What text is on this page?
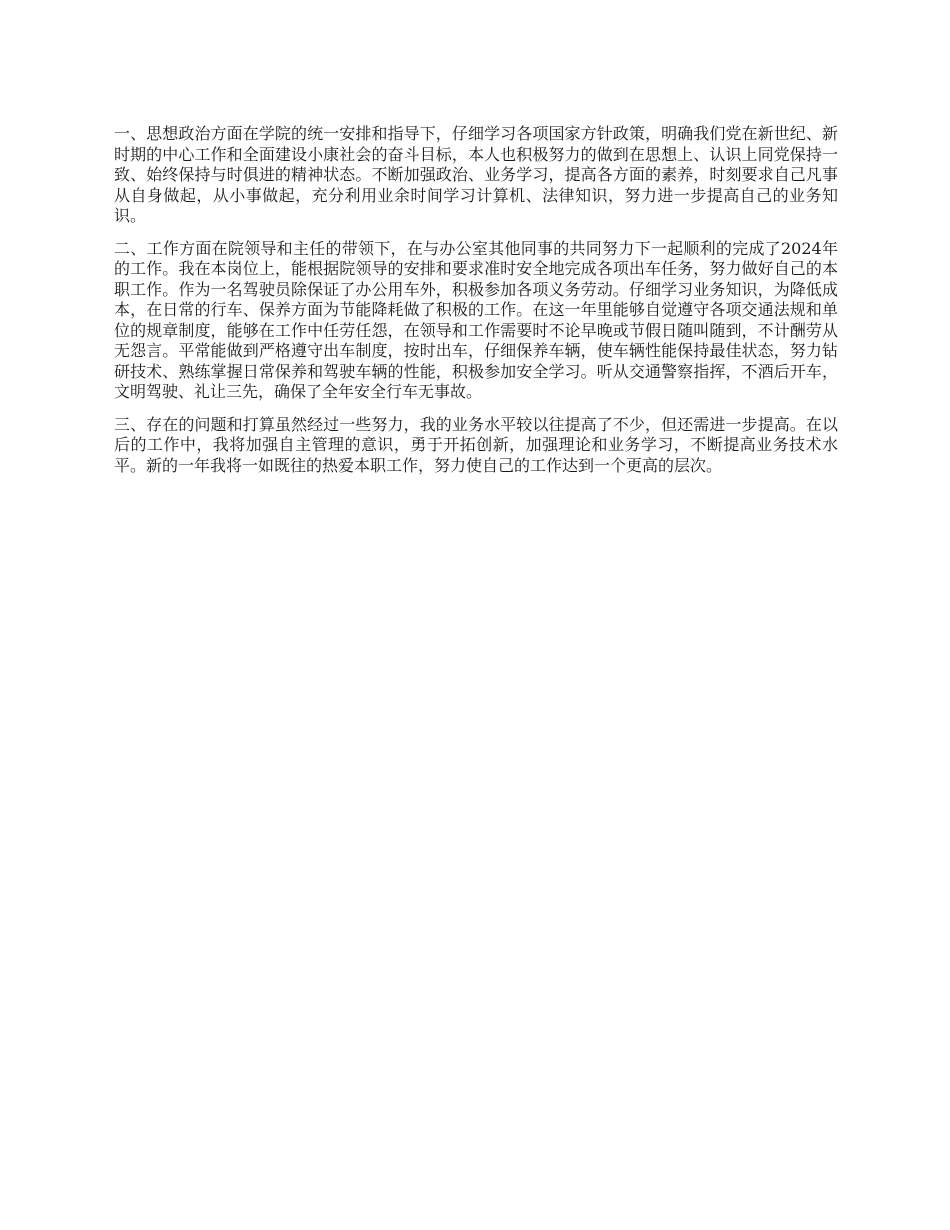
一、思想政治方面在学院的统一安排和指导下，仔细学习各项国家方针政策，明确我们党在新世纪、新时期的中心工作和全面建设小康社会的奋斗目标，本人也积极努力的做到在思想上、认识上同党保持一致、始终保持与时俱进的精神状态。不断加强政治、业务学习，提高各方面的素养，时刻要求自己凡事从自身做起，从小事做起，充分利用业余时间学习计算机、法律知识，努力进一步提高自己的业务知识。

二、工作方面在院领导和主任的带领下，在与办公室其他同事的共同努力下一起顺利的完成了2024年的工作。我在本岗位上，能根据院领导的安排和要求准时安全地完成各项出车任务，努力做好自己的本职工作。作为一名驾驶员除保证了办公用车外，积极参加各项义务劳动。仔细学习业务知识，为降低成本，在日常的行车、保养方面为节能降耗做了积极的工作。在这一年里能够自觉遵守各项交通法规和单位的规章制度，能够在工作中任劳任怨，在领导和工作需要时不论早晚或节假日随叫随到，不计酬劳从无怨言。平常能做到严格遵守出车制度，按时出车，仔细保养车辆，使车辆性能保持最佳状态，努力钻研技术、熟练掌握日常保养和驾驶车辆的性能，积极参加安全学习。听从交通警察指挥，不酒后开车，文明驾驶、礼让三先，确保了全年安全行车无事故。

三、存在的问题和打算虽然经过一些努力，我的业务水平较以往提高了不少，但还需进一步提高。在以后的工作中，我将加强自主管理的意识，勇于开拓创新，加强理论和业务学习，不断提高业务技术水平。新的一年我将一如既往的热爱本职工作，努力使自己的工作达到一个更高的层次。
